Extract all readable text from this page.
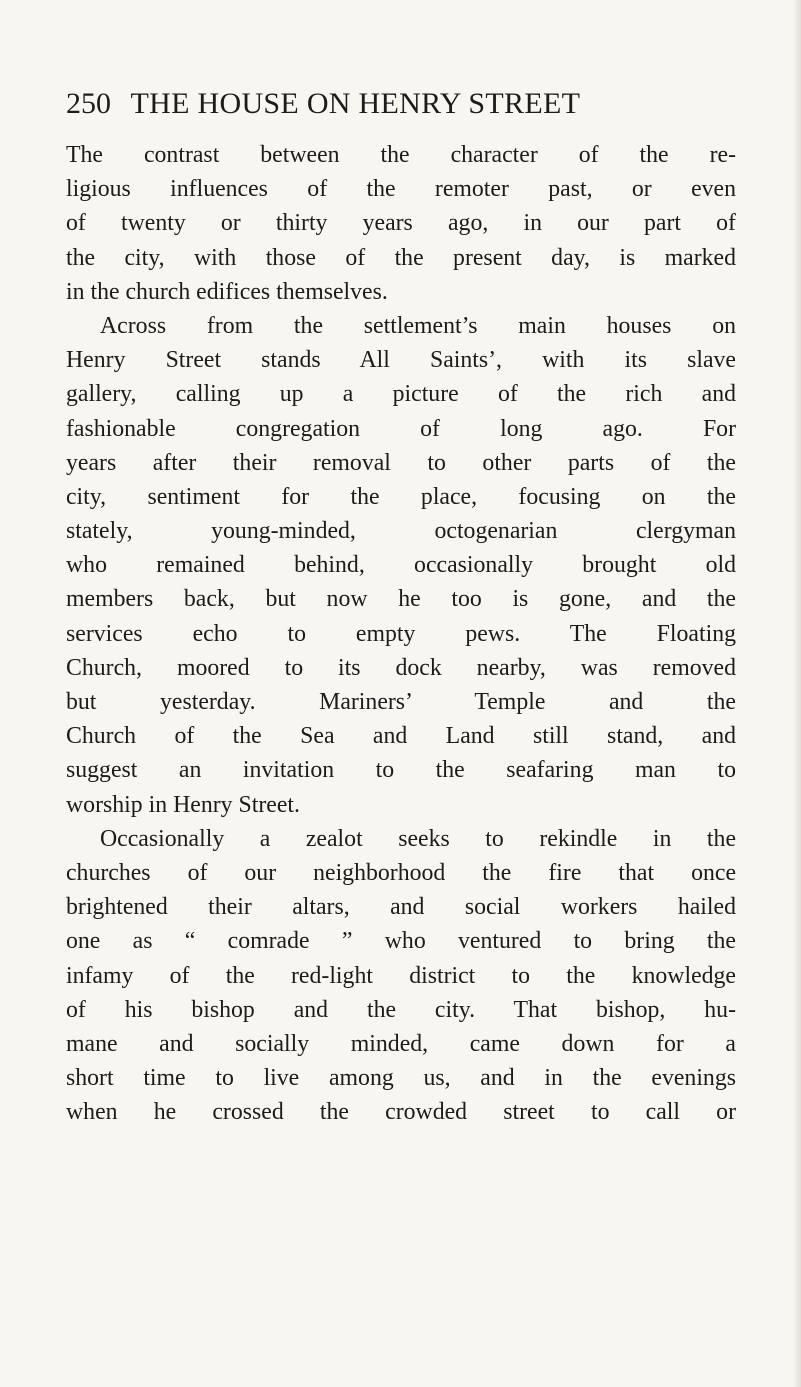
250 THE HOUSE ON HENRY STREET
The contrast between the character of the re-
ligious influences of the remoter past, or even
of twenty or thirty years ago, in our part of
the city, with those of the present day, is marked
in the church edifices themselves.
Across from the settlement’s main houses on
Henry Street stands All Saints’, with its slave
gallery, calling up a picture of the rich and
fashionable congregation of long ago. For
years after their removal to other parts of the
city, sentiment for the place, focusing on the
stately, young-minded, octogenarian clergyman
who remained behind, occasionally brought old
members back, but now he too is gone, and the
services echo to empty pews. The Floating
Church, moored to its dock nearby, was removed
but yesterday. Mariners’ Temple and the
Church of the Sea and Land still stand, and
suggest an invitation to the seafaring man to
worship in Henry Street.
Occasionally a zealot seeks to rekindle in the
churches of our neighborhood the fire that once
brightened their altars, and social workers hailed
one as “ comrade ” who ventured to bring the
infamy of the red-light district to the knowledge
of his bishop and the city. That bishop, hu-
mane and socially minded, came down for a
short time to live among us, and in the evenings
when he crossed the crowded street to call or
